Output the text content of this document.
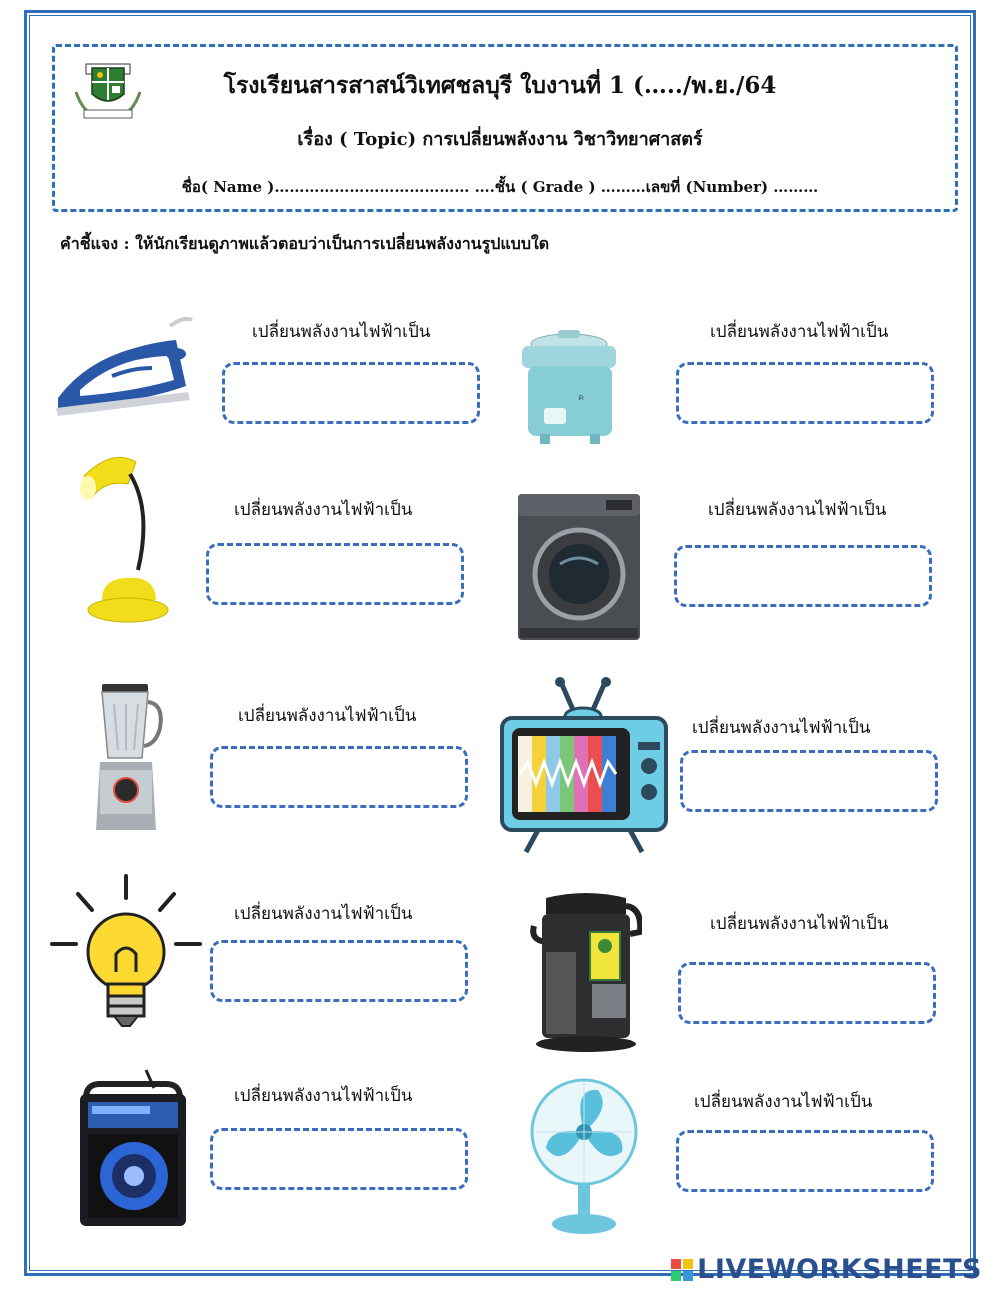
โรงเรียนสารสาสน์วิเทศชลบุรี ใบงานที่ 1 (…../พ.ย./64
เรื่อง ( Topic) การเปลี่ยนพลังงาน วิชาวิทยาศาสตร์
ชื่อ( Name )………………………………… ….ชั้น ( Grade ) ………เลขที่ (Number) ………
คำชี้แจง : ให้นักเรียนดูภาพแล้วตอบว่าเป็นการเปลี่ยนพลังงานรูปแบบใด
เปลี่ยนพลังงานไฟฟ้าเป็น
ค
เปลี่ยนพลังงานไฟฟ้าเป็น
เปลี่ยนพลังงานไฟฟ้าเป็น	เปลี่ยนพลังงานไฟฟ้าเป็น
เปลี่ยนพลังงานไฟฟ้าเป็น
เปลี่ยนพลังงานไฟฟ้าเป็น
เปลี่ยนพลังงานไฟฟ้าเป็น	เปลี่ยนพลังงานไฟฟ้าเป็น
เปลี่ยนพลังงานไฟฟ้าเป็น	เปลี่ยนพลังงานไฟฟ้าเป็น
LIVEWORKSHEETS
